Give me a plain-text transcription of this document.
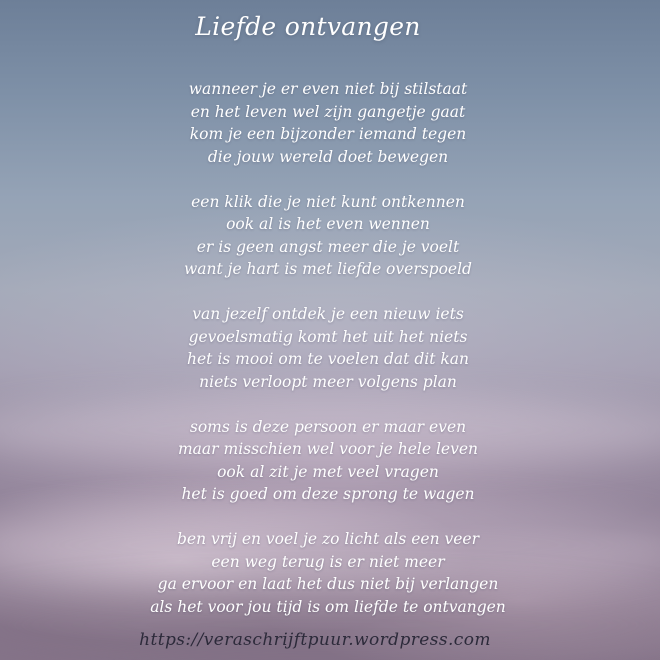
Liefde ontvangen
wanneer je er even niet bij stilstaat
en het leven wel zijn gangetje gaat
kom je een bijzonder iemand tegen
die jouw wereld doet bewegen
een klik die je niet kunt ontkennen
ook al is het even wennen
er is geen angst meer die je voelt
want je hart is met liefde overspoeld
van jezelf ontdek je een nieuw iets
gevoelsmatig komt het uit het niets
het is mooi om te voelen dat dit kan
niets verloopt meer volgens plan
soms is deze persoon er maar even
maar misschien wel voor je hele leven
ook al zit je met veel vragen
het is goed om deze sprong te wagen
ben vrij en voel je zo licht als een veer
een weg terug is er niet meer
ga ervoor en laat het dus niet bij verlangen
als het voor jou tijd is om liefde te ontvangen
https://veraschrijftpuur.wordpress.com
